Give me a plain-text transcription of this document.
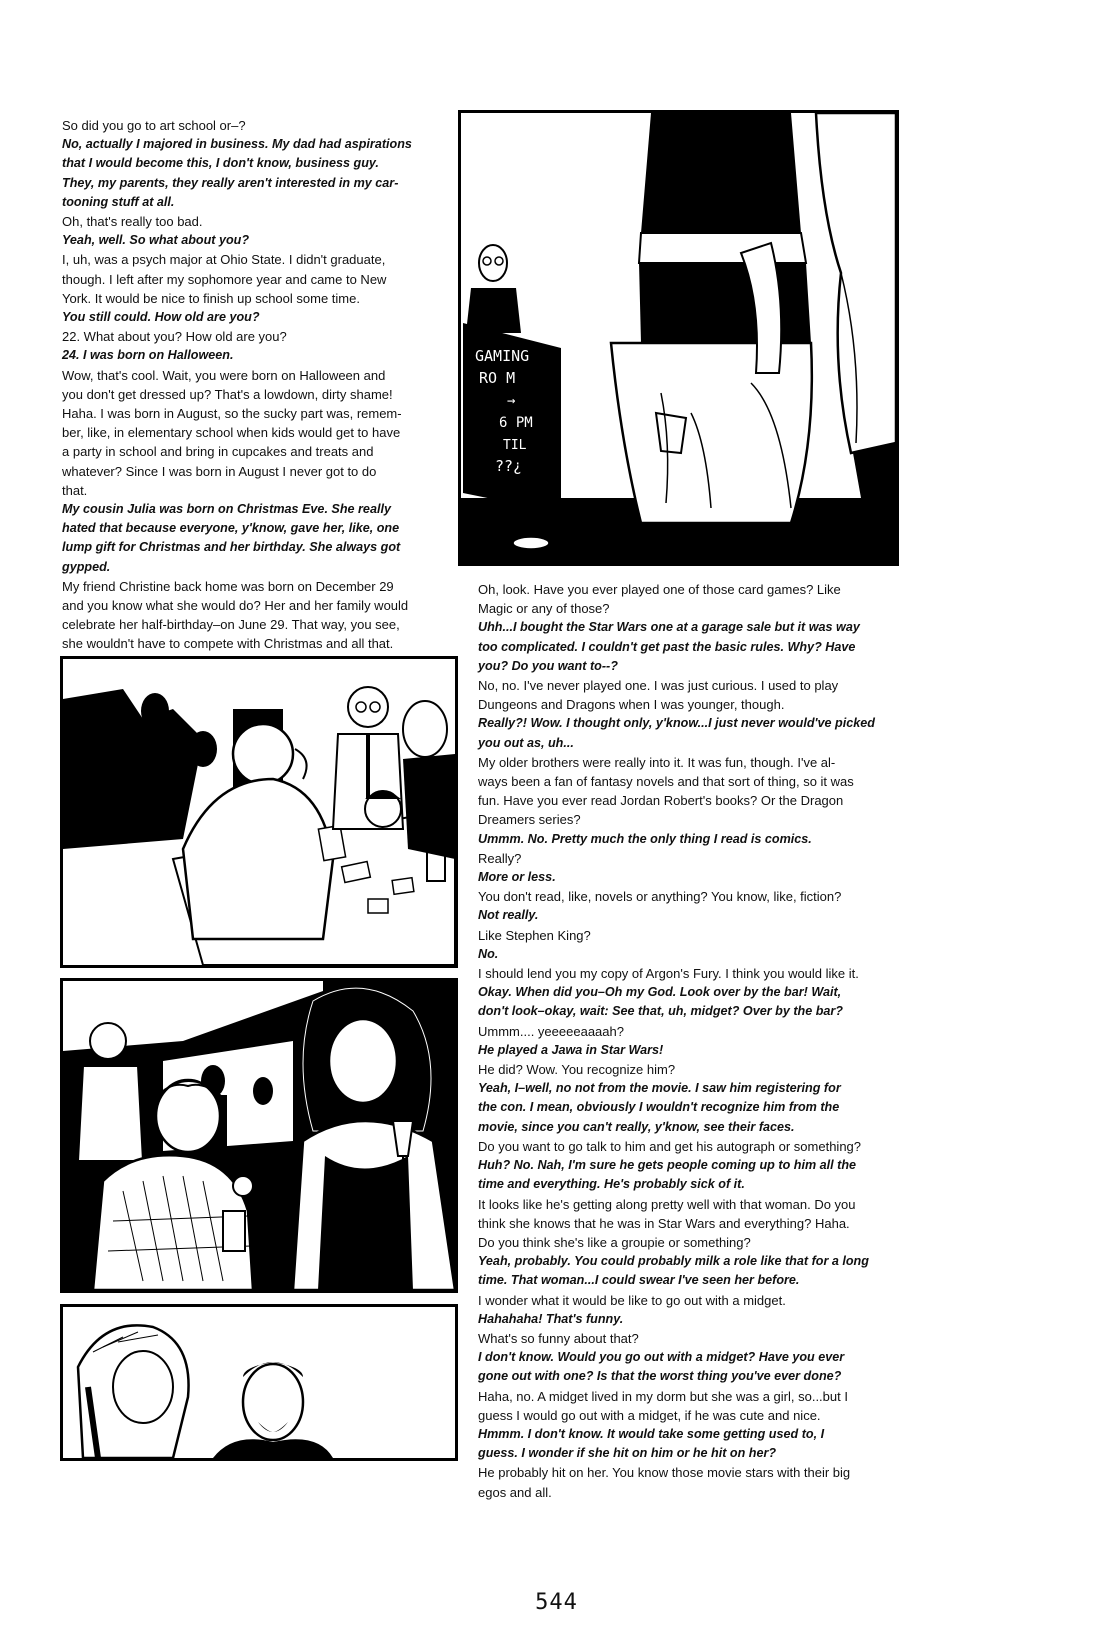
So did you go to art school or–?
No, actually I majored in business. My dad had aspirations
that I would become this, I don't know, business guy.
They, my parents, they really aren't interested in my car-
tooning stuff at all.
Oh, that's really too bad.
Yeah, well. So what about you?
I, uh, was a psych major at Ohio State. I didn't graduate,
though. I left after my sophomore year and came to New
York. It would be nice to finish up school some time.
You still could. How old are you?
22. What about you? How old are you?
24. I was born on Halloween.
Wow, that's cool. Wait, you were born on Halloween and
you don't get dressed up? That's a lowdown, dirty shame!
Haha. I was born in August, so the sucky part was, remem-
ber, like, in elementary school when kids would get to have
a party in school and bring in cupcakes and treats and
whatever? Since I was born in August I never got to do
that.
My cousin Julia was born on Christmas Eve. She really
hated that because everyone, y'know, gave her, like, one
lump gift for Christmas and her birthday. She always got
gypped.
My friend Christine back home was born on December 29
and you know what she would do? Her and her family would
celebrate her half-birthday–on June 29. That way, you see,
she wouldn't have to compete with Christmas and all that.
Oh, look. Have you ever played one of those card games? Like
Magic or any of those?
Uhh...I bought the Star Wars one at a garage sale but it was way
too complicated. I couldn't get past the basic rules. Why? Have
you? Do you want to--?
No, no. I've never played one. I was just curious. I used to play
Dungeons and Dragons when I was younger, though.
Really?! Wow. I thought only, y'know...I just never would've picked
you out as, uh...
My older brothers were really into it. It was fun, though. I've al-
ways been a fan of fantasy novels and that sort of thing, so it was
fun. Have you ever read Jordan Robert's books? Or the Dragon
Dreamers series?
Ummm. No. Pretty much the only thing I read is comics.
Really?
More or less.
You don't read, like, novels or anything? You know, like, fiction?
Not really.
Like Stephen King?
No.
I should lend you my copy of Argon's Fury. I think you would like it.
Okay. When did you–Oh my God. Look over by the bar! Wait,
don't look–okay, wait: See that, uh, midget? Over by the bar?
Ummm.... yeeeeeaaaah?
He played a Jawa in Star Wars!
He did? Wow. You recognize him?
Yeah, I–well, no not from the movie. I saw him registering for
the con. I mean, obviously I wouldn't recognize him from the
movie, since you can't really, y'know, see their faces.
Do you want to go talk to him and get his autograph or something?
Huh? No. Nah, I'm sure he gets people coming up to him all the
time and everything. He's probably sick of it.
It looks like he's getting along pretty well with that woman. Do you
think she knows that he was in Star Wars and everything? Haha.
Do you think she's like a groupie or something?
Yeah, probably. You could probably milk a role like that for a long
time. That woman...I could swear I've seen her before.
I wonder what it would be like to go out with a midget.
Hahahaha! That's funny.
What's so funny about that?
I don't know. Would you go out with a midget? Have you ever
gone out with one? Is that the worst thing you've ever done?
Haha, no. A midget lived in my dorm but she was a girl, so...but I
guess I would go out with a midget, if he was cute and nice.
Hmmm. I don't know. It would take some getting used to, I
guess. I wonder if she hit on him or he hit on her?
He probably hit on her. You know those movie stars with their big
egos and all.
GAMING
RO M
→
6 PM
TIL
??¿
544
